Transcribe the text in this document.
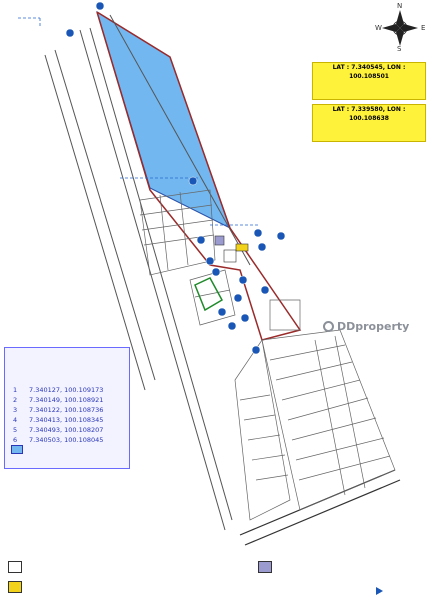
N
E
S
W
LAT : 7.340545, LON : 100.108501
LAT : 7.339580, LON : 100.108638
1 7.340127, 100.109173
2 7.340149, 100.108921
3 7.340122, 100.108736
4 7.340413, 100.108345
5 7.340493, 100.108207
6 7.340503, 100.108045
DDproperty
